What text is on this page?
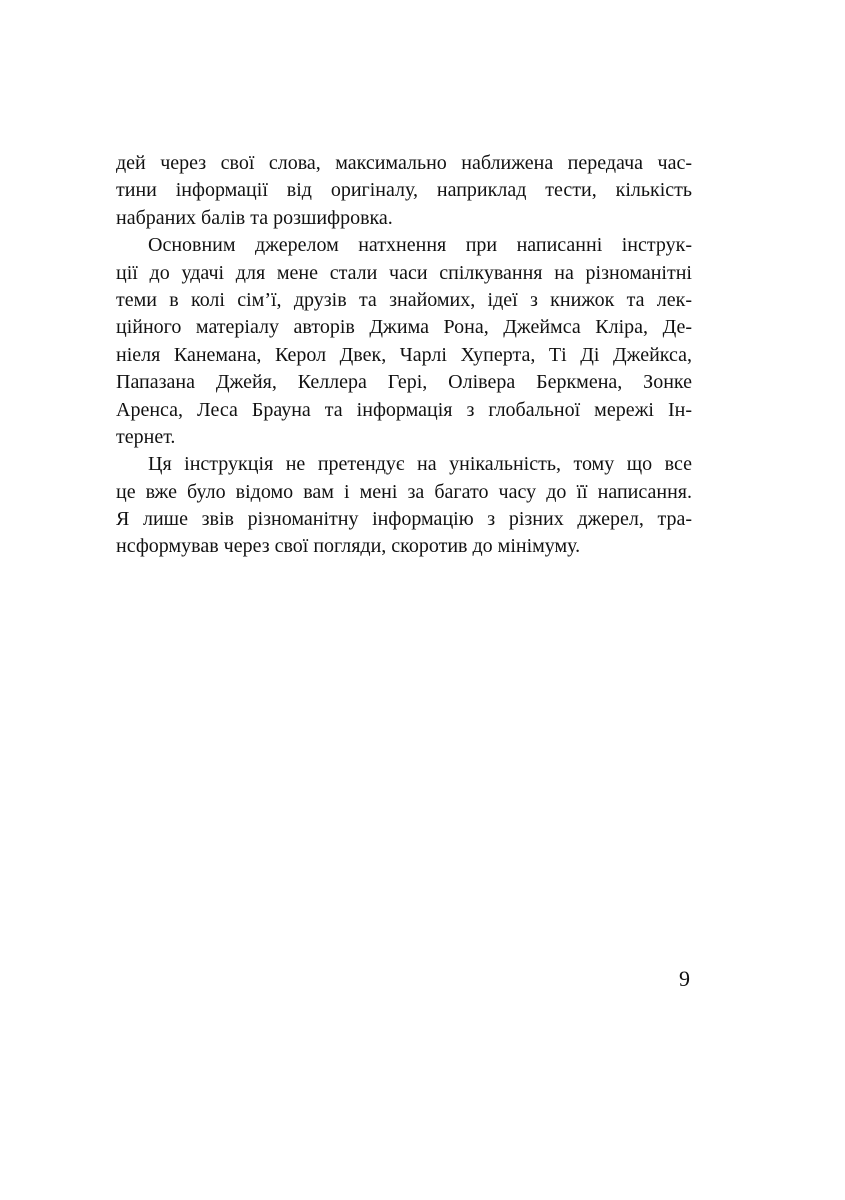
дей через свої слова, максимально наближена передача час-
тини інформації від оригіналу, наприклад тести, кількість
набраних балів та розшифровка.
Основним джерелом натхнення при написанні інструк-
ції до удачі для мене стали часи спілкування на різноманітні
теми в колі сім’ї, друзів та знайомих, ідеї з книжок та лек-
ційного матеріалу авторів Джима Рона, Джеймса Кліра, Де-
ніеля Канемана, Керол Двек, Чарлі Хуперта, Ті Ді Джейкса,
Папазана Джейя, Келлера Гері, Олівера Беркмена, Зонке
Аренса, Леса Брауна та інформація з глобальної мережі Ін-
тернет.
Ця інструкція не претендує на унікальність, тому що все
це вже було відомо вам і мені за багато часу до її написання.
Я лише звів різноманітну інформацію з різних джерел, тра-
нсформував через свої погляди, скоротив до мінімуму.
9
